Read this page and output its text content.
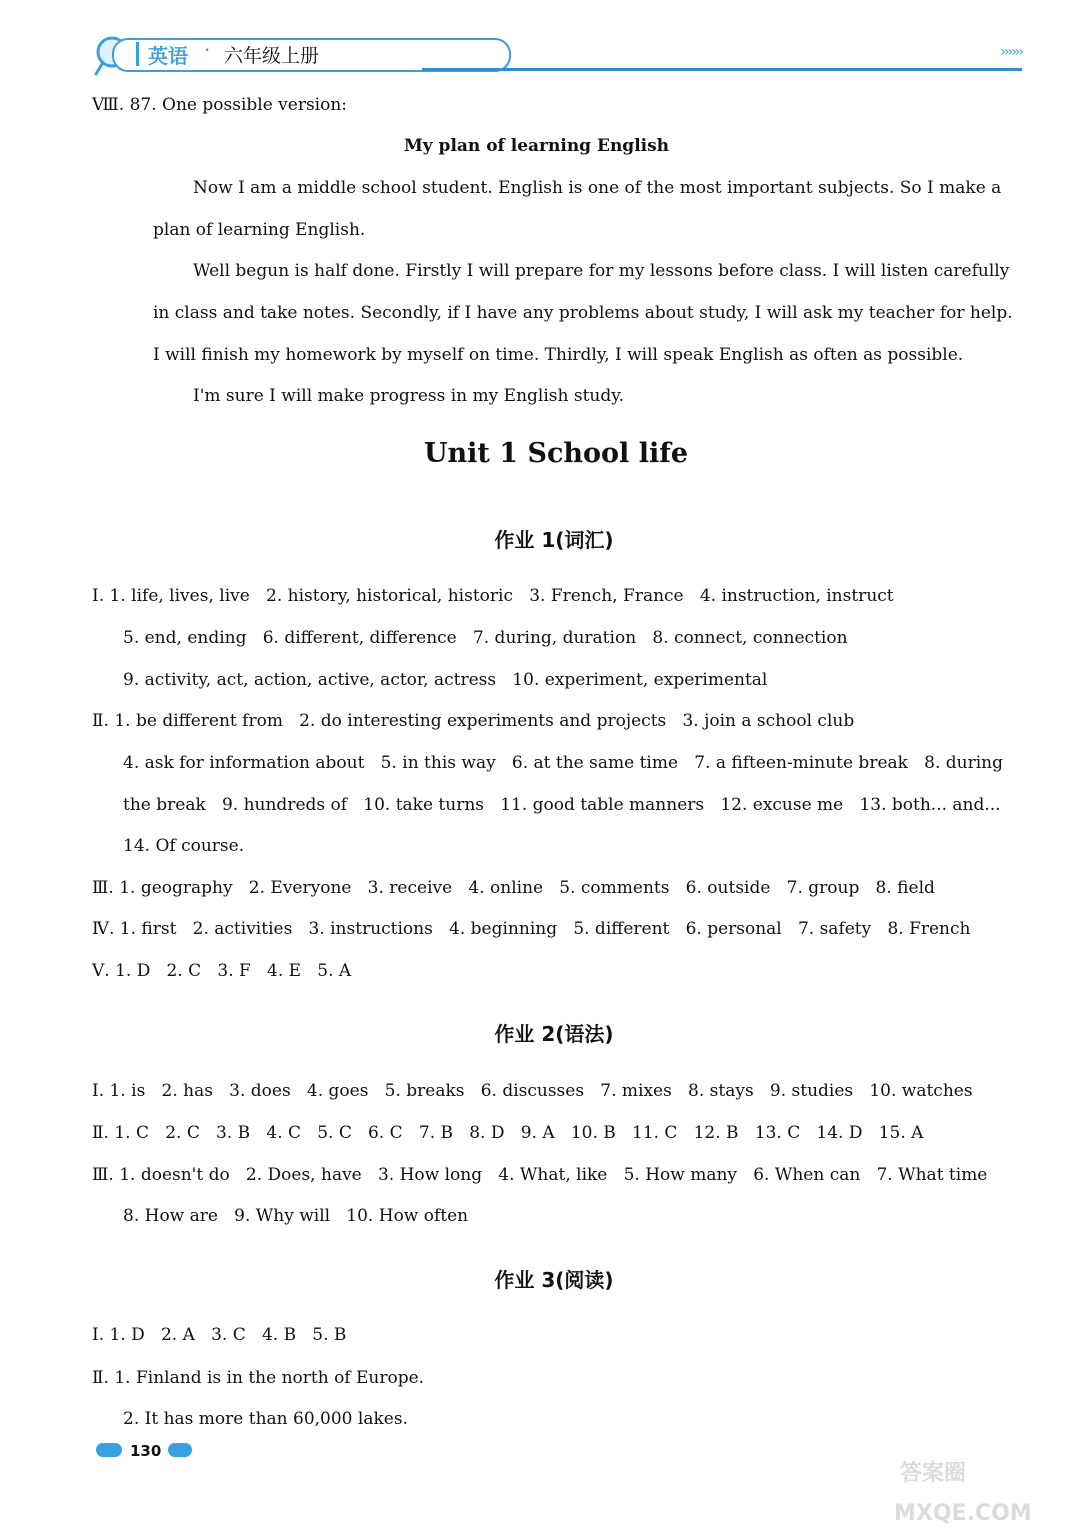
英语 · 六年级上册	››››››
Ⅷ. 87. One possible version:
Now I am a middle school student. English is one of the most important subjects. So I make a
plan of learning English.
Well begun is half done. Firstly I will prepare for my lessons before class. I will listen carefully
in class and take notes. Secondly, if I have any problems about study, I will ask my teacher for help.
I will finish my homework by myself on time. Thirdly, I will speak English as often as possible.
I'm sure I will make progress in my English study.
Ⅰ. 1. life, lives, live   2. history, historical, historic   3. French, France   4. instruction, instruct
5. end, ending   6. different, difference   7. during, duration   8. connect, connection
9. activity, act, action, active, actor, actress   10. experiment, experimental
Ⅱ. 1. be different from   2. do interesting experiments and projects   3. join a school club
4. ask for information about   5. in this way   6. at the same time   7. a fifteen-minute break   8. during
the break   9. hundreds of   10. take turns   11. good table manners   12. excuse me   13. both... and...
14. Of course.
Ⅲ. 1. geography   2. Everyone   3. receive   4. online   5. comments   6. outside   7. group   8. field
Ⅳ. 1. first   2. activities   3. instructions   4. beginning   5. different   6. personal   7. safety   8. French
Ⅴ. 1. D   2. C   3. F   4. E   5. A
Ⅰ. 1. is   2. has   3. does   4. goes   5. breaks   6. discusses   7. mixes   8. stays   9. studies   10. watches
Ⅱ. 1. C   2. C   3. B   4. C   5. C   6. C   7. B   8. D   9. A   10. B   11. C   12. B   13. C   14. D   15. A
Ⅲ. 1. doesn't do   2. Does, have   3. How long   4. What, like   5. How many   6. When can   7. What time
8. How are   9. Why will   10. How often
Ⅰ. 1. D   2. A   3. C   4. B   5. B
Ⅱ. 1. Finland is in the north of Europe.
2. It has more than 60,000 lakes.
My plan of learning English
Unit 1 School life
作业 1(词汇)
作业 2(语法)
作业 3(阅读)
130
答案圈
MXQE.COM
